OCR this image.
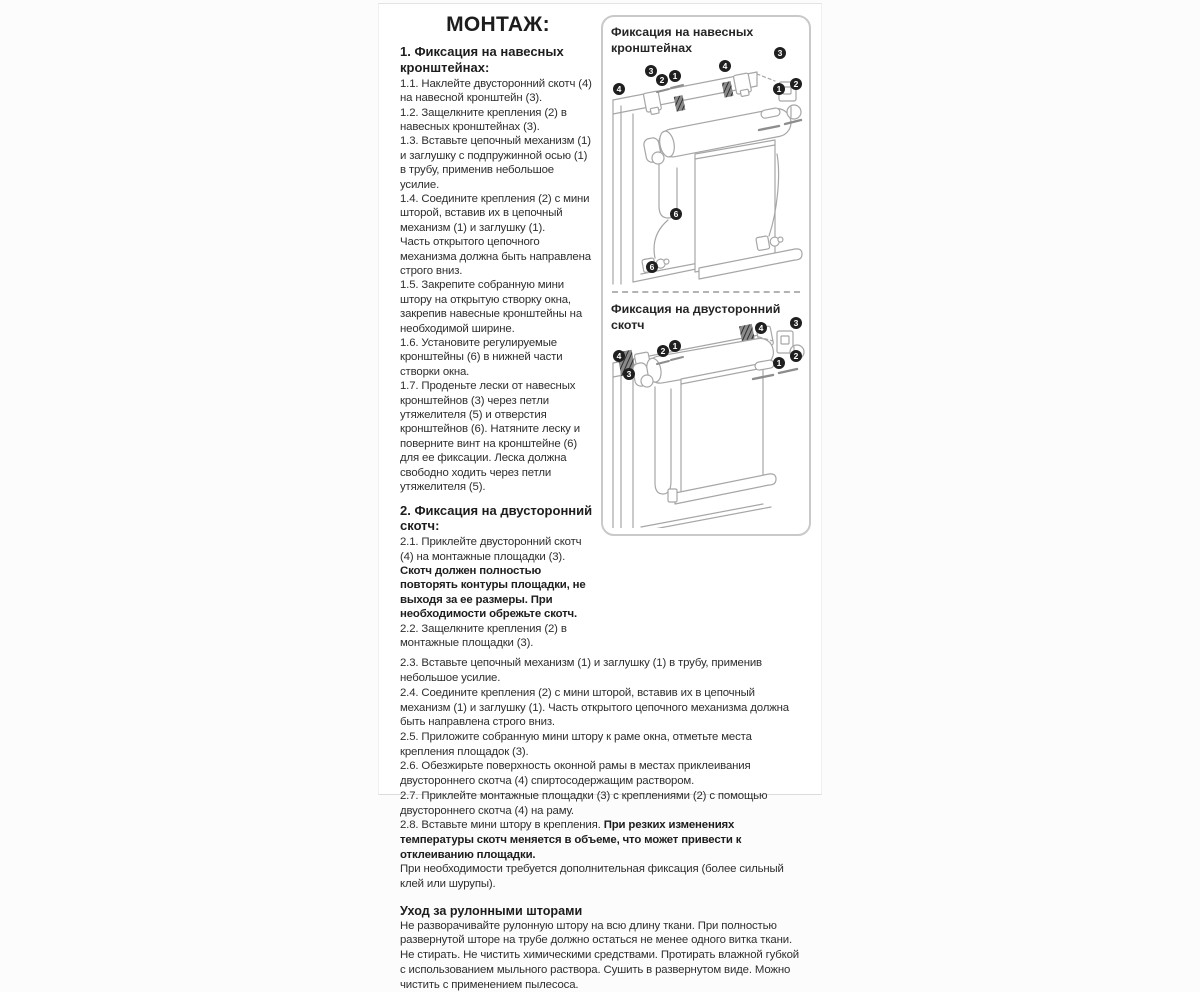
МОНТАЖ:
1. Фиксация на навесных кронштейнах:

1.1. Наклейте двусторонний скотч (4) на навесной кронштейн (3).

1.2. Защелкните крепления (2) в навесных кронштейнах (3).

1.3. Вставьте цепочный механизм (1) и заглушку с подпружинной осью (1) в трубу, применив небольшое усилие.

1.4. Соедините крепления (2) с мини шторой, вставив их в цепочный механизм (1) и заглушку (1).

Часть открытого цепочного механизма должна быть направлена строго вниз.

1.5. Закрепите собранную мини штору на открытую створку окна, закрепив навесные кронштейны на необходимой ширине.

1.6. Установите регулируемые кронштейны (6) в нижней части створки окна.

1.7. Проденьте лески от навесных кронштейнов (3) через петли утяжелителя (5) и отверстия кронштейнов (6). Натяните леску и поверните винт на кронштейне (6) для ее фиксации. Леска должна свободно ходить через петли утяжелителя (5).

2. Фиксация на двусторонний скотч:

2.1. Приклейте двусторонний скотч (4) на монтажные площадки (3).

Скотч должен полностью повторять контуры площадки, не выходя за ее размеры. При необходимости обрежьте скотч.

2.2. Защелкните крепления (2) в монтажные площадки (3).

Фиксация на навесных кронштейнах	3
4
3
2 1
4	1	2
6
6

Фиксация на двусторонний скотч	4	3
1
2
4
3
1
2

2.3. Вставьте цепочный механизм (1) и заглушку (1) в трубу, применив небольшое усилие.

2.4. Соедините крепления (2) с мини шторой, вставив их в цепочный механизм (1) и заглушку (1). Часть открытого цепочного механизма должна быть направлена строго вниз.

2.5. Приложите собранную мини штору к раме окна, отметьте места крепления площадок (3).

2.6. Обезжирьте поверхность оконной рамы в местах приклеивания двустороннего скотча (4) спиртосодержащим раствором.

2.7. Приклейте монтажные площадки (3) с креплениями (2) с помощью двустороннего скотча (4) на раму.

2.8. Вставьте мини штору в крепления. При резких изменениях температуры скотч меняется в объеме, что может привести к отклеиванию площадки.

При необходимости требуется дополнительная фиксация (более сильный клей или шурупы).

Уход за рулонными шторами

Не разворачивайте рулонную штору на всю длину ткани. При полностью развернутой шторе на трубе должно остаться не менее одного витка ткани.

Не стирать. Не чистить химическими средствами. Протирать влажной губкой с использованием мыльного раствора. Сушить в развернутом виде. Можно чистить с применением пылесоса.
